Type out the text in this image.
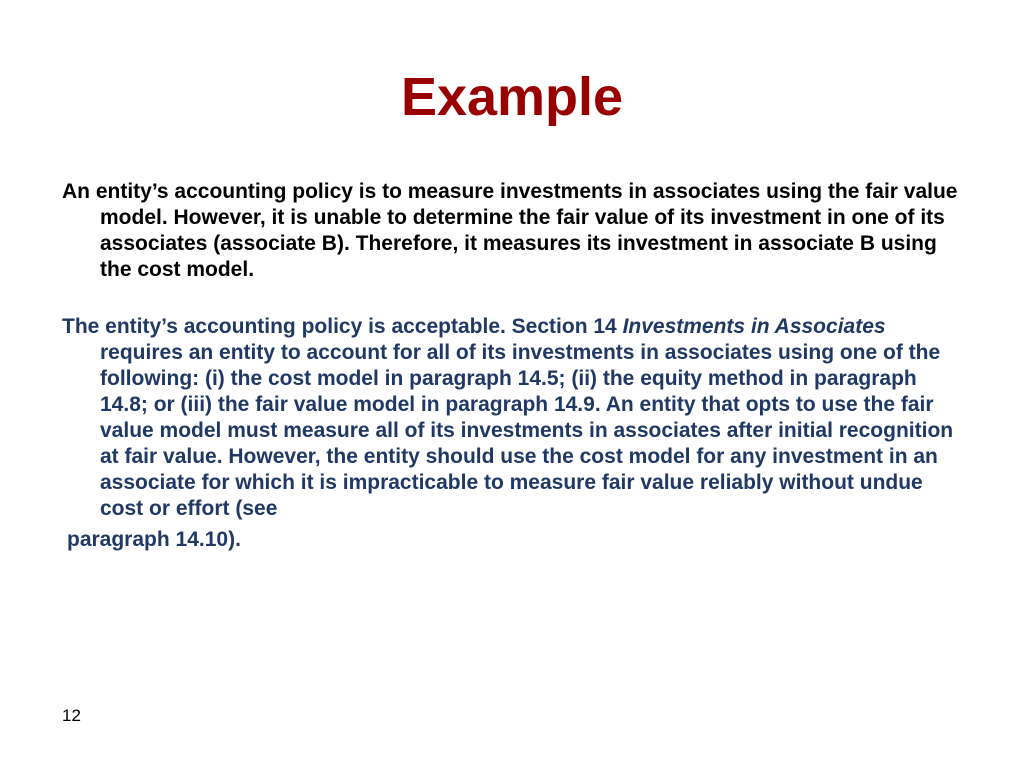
Example

An entity’s accounting policy is to measure investments in associates using the fair value model. However, it is unable to determine the fair value of its investment in one of its associates (associate B). Therefore, it measures its investment in associate B using the cost model.

The entity’s accounting policy is acceptable. Section 14 Investments in Associates requires an entity to account for all of its investments in associates using one of the following: (i) the cost model in paragraph 14.5; (ii) the equity method in paragraph 14.8; or (iii) the fair value model in paragraph 14.9. An entity that opts to use the fair value model must measure all of its investments in associates after initial recognition at fair value. However, the entity should use the cost model for any investment in an associate for which it is impracticable to measure fair value reliably without undue cost or effort (see
paragraph 14.10).

12
